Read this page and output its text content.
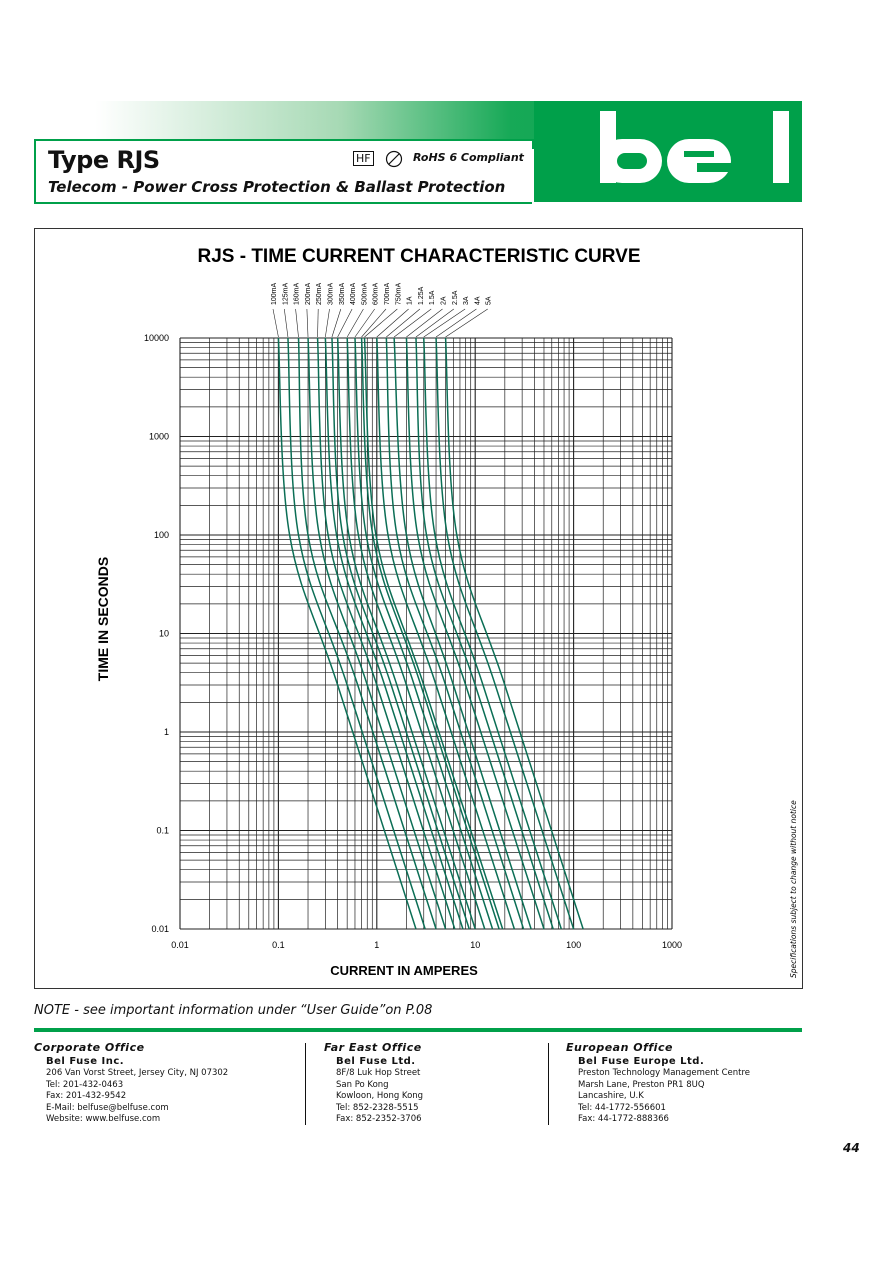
Type RJS	HF	RoHS 6 Compliant
Telecom - Power Cross Protection & Ballast Protection
RJS - TIME CURRENT CHARACTERISTIC CURVE
100mA 125mA 160mA 200mA 250mA 300mA 350mA 400mA 500mA 600mA 700mA 750mA 1A 1.25A 1.5A 2A 2.5A 3A 4A 5A
10000
1000
100
10
1
0.1
0.01
0.01	0.1	1	10	100	1000
TIME IN SECONDS
CURRENT IN AMPERES	Specifications subject to change without notice
NOTE - see important information under “User Guide”on P.08
Corporate Office
Bel Fuse Inc.
206 Van Vorst Street, Jersey City, NJ 07302
Tel: 201-432-0463
Fax: 201-432-9542
E-Mail: belfuse@belfuse.com
Website: www.belfuse.com
Far East Office
Bel Fuse Ltd.
8F/8 Luk Hop Street
San Po Kong
Kowloon, Hong Kong
Tel: 852-2328-5515
Fax: 852-2352-3706
European Office
Bel Fuse Europe Ltd.
Preston Technology Management Centre
Marsh Lane, Preston PR1 8UQ
Lancashire, U.K
Tel: 44-1772-556601
Fax: 44-1772-888366
44
